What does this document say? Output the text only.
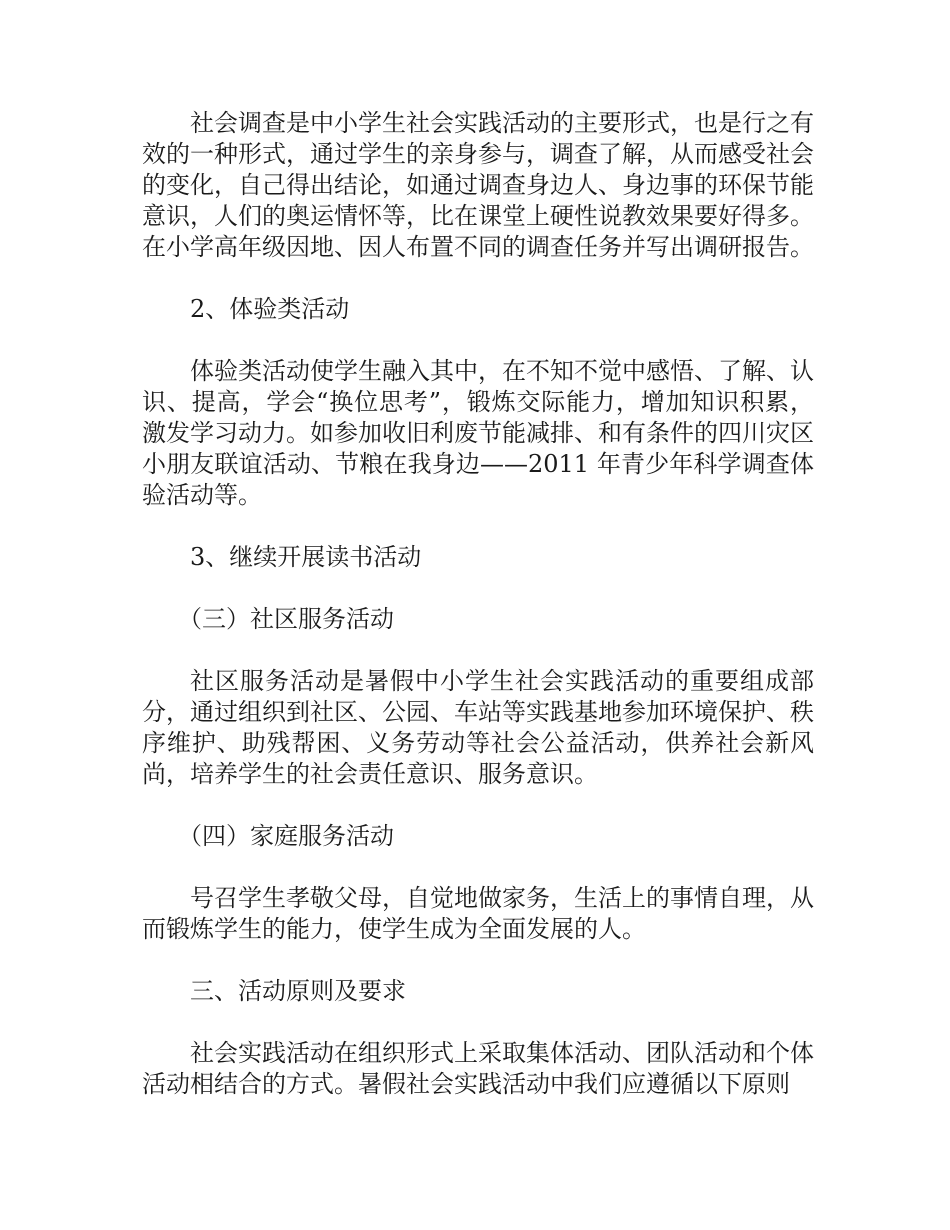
社会调查是中小学生社会实践活动的主要形式，也是行之有效的一种形式，通过学生的亲身参与，调查了解，从而感受社会的变化，自己得出结论，如通过调查身边人、身边事的环保节能意识，人们的奥运情怀等，比在课堂上硬性说教效果要好得多。在小学高年级因地、因人布置不同的调查任务并写出调研报告。

2、体验类活动

体验类活动使学生融入其中，在不知不觉中感悟、了解、认识、提高，学会“换位思考”，锻炼交际能力，增加知识积累，激发学习动力。如参加收旧利废节能减排、和有条件的四川灾区小朋友联谊活动、节粮在我身边——2011 年青少年科学调查体验活动等。

3、继续开展读书活动

（三）社区服务活动

社区服务活动是暑假中小学生社会实践活动的重要组成部分，通过组织到社区、公园、车站等实践基地参加环境保护、秩序维护、助残帮困、义务劳动等社会公益活动，供养社会新风尚，培养学生的社会责任意识、服务意识。

（四）家庭服务活动

号召学生孝敬父母，自觉地做家务，生活上的事情自理，从而锻炼学生的能力，使学生成为全面发展的人。

三、活动原则及要求

社会实践活动在组织形式上采取集体活动、团队活动和个体活动相结合的方式。暑假社会实践活动中我们应遵循以下原则
